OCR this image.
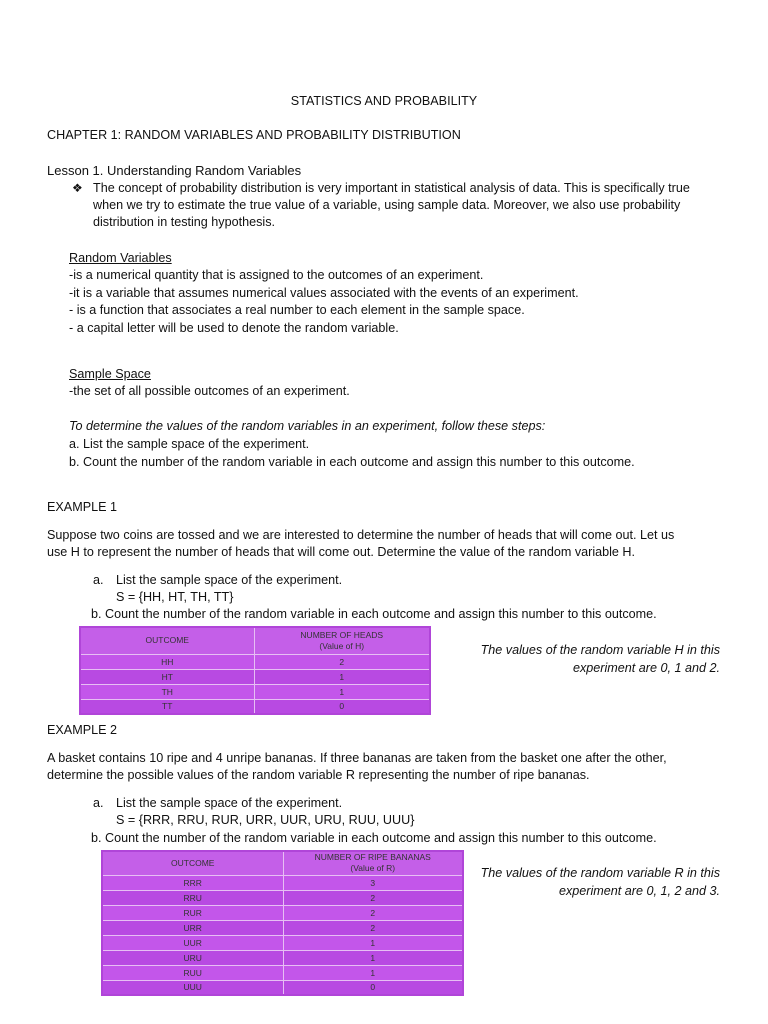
STATISTICS AND PROBABILITY
CHAPTER 1: RANDOM VARIABLES AND PROBABILITY DISTRIBUTION
Lesson 1. Understanding Random Variables
❖ The concept of probability distribution is very important in statistical analysis of data. This is specifically true when we try to estimate the true value of a variable, using sample data. Moreover, we also use probability distribution in testing hypothesis.
Random Variables
-is a numerical quantity that is assigned to the outcomes of an experiment.
-it is a variable that assumes numerical values associated with the events of an experiment.
- is a function that associates a real number to each element in the sample space.
- a capital letter will be used to denote the random variable.
Sample Space
-the set of all possible outcomes of an experiment.
To determine the values of the random variables in an experiment, follow these steps:
a. List the sample space of the experiment.
b. Count the number of the random variable in each outcome and assign this number to this outcome.
EXAMPLE 1
Suppose two coins are tossed and we are interested to determine the number of heads that will come out. Let us
use H to represent the number of heads that will come out. Determine the value of the random variable H.
a. List the sample space of the experiment.
S = {HH, HT, TH, TT}
b. Count the number of the random variable in each outcome and assign this number to this outcome.
OUTCOME	NUMBER OF HEADS
(Value of H)

HH	2
HT	1
TH	1
TT	0
The values of the random variable H in this
experiment are 0, 1 and 2.
EXAMPLE 2
A basket contains 10 ripe and 4 unripe bananas. If three bananas are taken from the basket one after the other,
determine the possible values of the random variable R representing the number of ripe bananas.
a. List the sample space of the experiment.
S = {RRR, RRU, RUR, URR, UUR, URU, RUU, UUU}
b. Count the number of the random variable in each outcome and assign this number to this outcome.
OUTCOME	NUMBER OF RIPE BANANAS
(Value of R)

RRR	3
RRU	2
RUR	2
URR	2
UUR	1
URU	1
RUU	1
UUU	0
The values of the random variable R in this
experiment are 0, 1, 2 and 3.
